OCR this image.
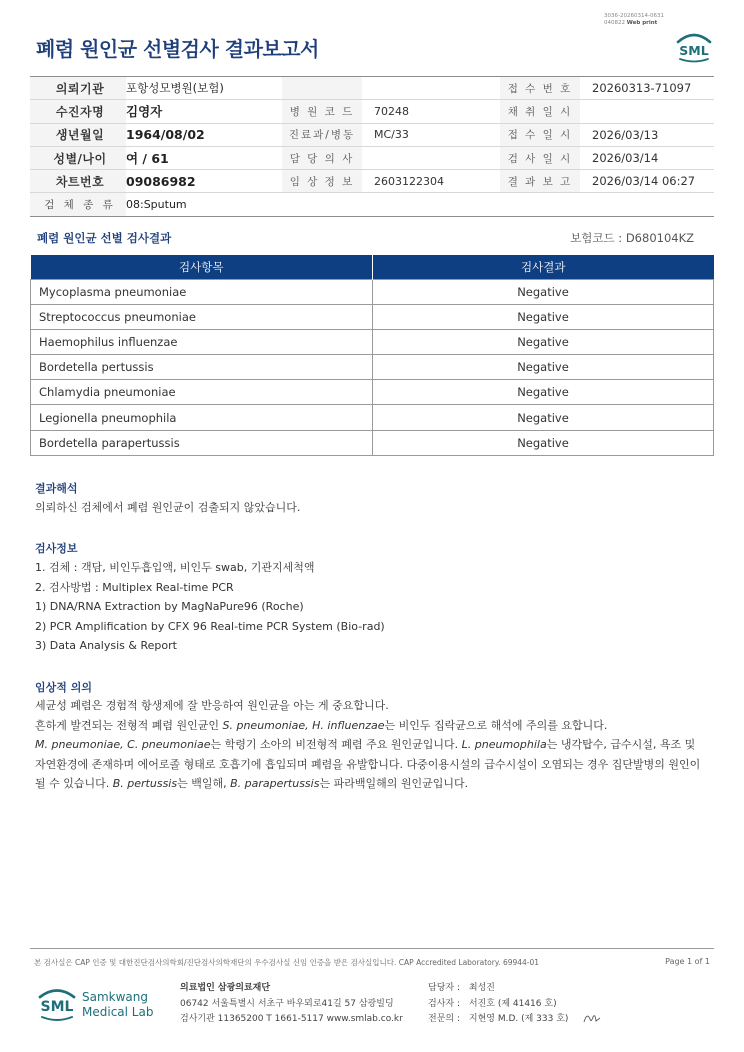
3036-20260314-0631
040822 Web print
폐렴 원인균 선별검사 결과보고서	SML
의뢰기관	포항성모병원(보험)			접 수 번 호	20260313-71097
수진자명	김영자	병 원 코 드	70248	채 취 일 시	
생년월일	1964/08/02	진료과/병동	MC/33	접 수 일 시	2026/03/13
성별/나이	여 / 61	담 당 의 사		검 사 일 시	2026/03/14
차트번호	09086982	임 상 정 보	2603122304	결 과 보 고	2026/03/14 06:27
검 체 종 류	08:Sputum				
폐렴 원인균 선별 검사결과	보험코드 : D680104KZ
검사항목	검사결과
Mycoplasma pneumoniae	Negative
Streptococcus pneumoniae	Negative
Haemophilus influenzae	Negative
Bordetella pertussis	Negative
Chlamydia pneumoniae	Negative
Legionella pneumophila	Negative
Bordetella parapertussis	Negative
결과해석
의뢰하신 검체에서 폐렴 원인균이 검출되지 않았습니다.
검사정보
1. 검체 : 객담, 비인두흡입액, 비인두 swab, 기관지세척액
2. 검사방법 : Multiplex Real-time PCR
1) DNA/RNA Extraction by MagNaPure96 (Roche)
2) PCR Amplification by CFX 96 Real-time PCR System (Bio-rad)
3) Data Analysis & Report
임상적 의의
세균성 폐렴은 경험적 항생제에 잘 반응하여 원인균을 아는 게 중요합니다.
흔하게 발견되는 전형적 폐렴 원인균인 S. pneumoniae, H. influenzae는 비인두 집락균으로 해석에 주의를 요합니다.
M. pneumoniae, C. pneumoniae는 학령기 소아의 비전형적 폐렴 주요 원인균입니다. L. pneumophila는 냉각탑수, 급수시설, 욕조 및
자연환경에 존재하며 에어로졸 형태로 호흡기에 흡입되며 폐렴을 유발합니다. 다중이용시설의 급수시설이 오염되는 경우 집단발병의 원인이
될 수 있습니다. B. pertussis는 백일해, B. parapertussis는 파라백일해의 원인균입니다.
본 검사실은 CAP 인증 및 대한진단검사의학회/진단검사의학재단의 우수검사실 신임 인증을 받은 검사실입니다. CAP Accredited Laboratory. 69944-01	Page 1 of 1
SML
Samkwang
Medical Lab
의료법인 삼광의료재단
06742 서울특별시 서초구 바우뫼로41길 57 삼광빌딩
검사기관 11365200 T 1661-5117 www.smlab.co.kr
담당자 : 최성진
검사자 : 서진호 (제 41416 호)
전문의 : 지현영 M.D. (제 333 호)
